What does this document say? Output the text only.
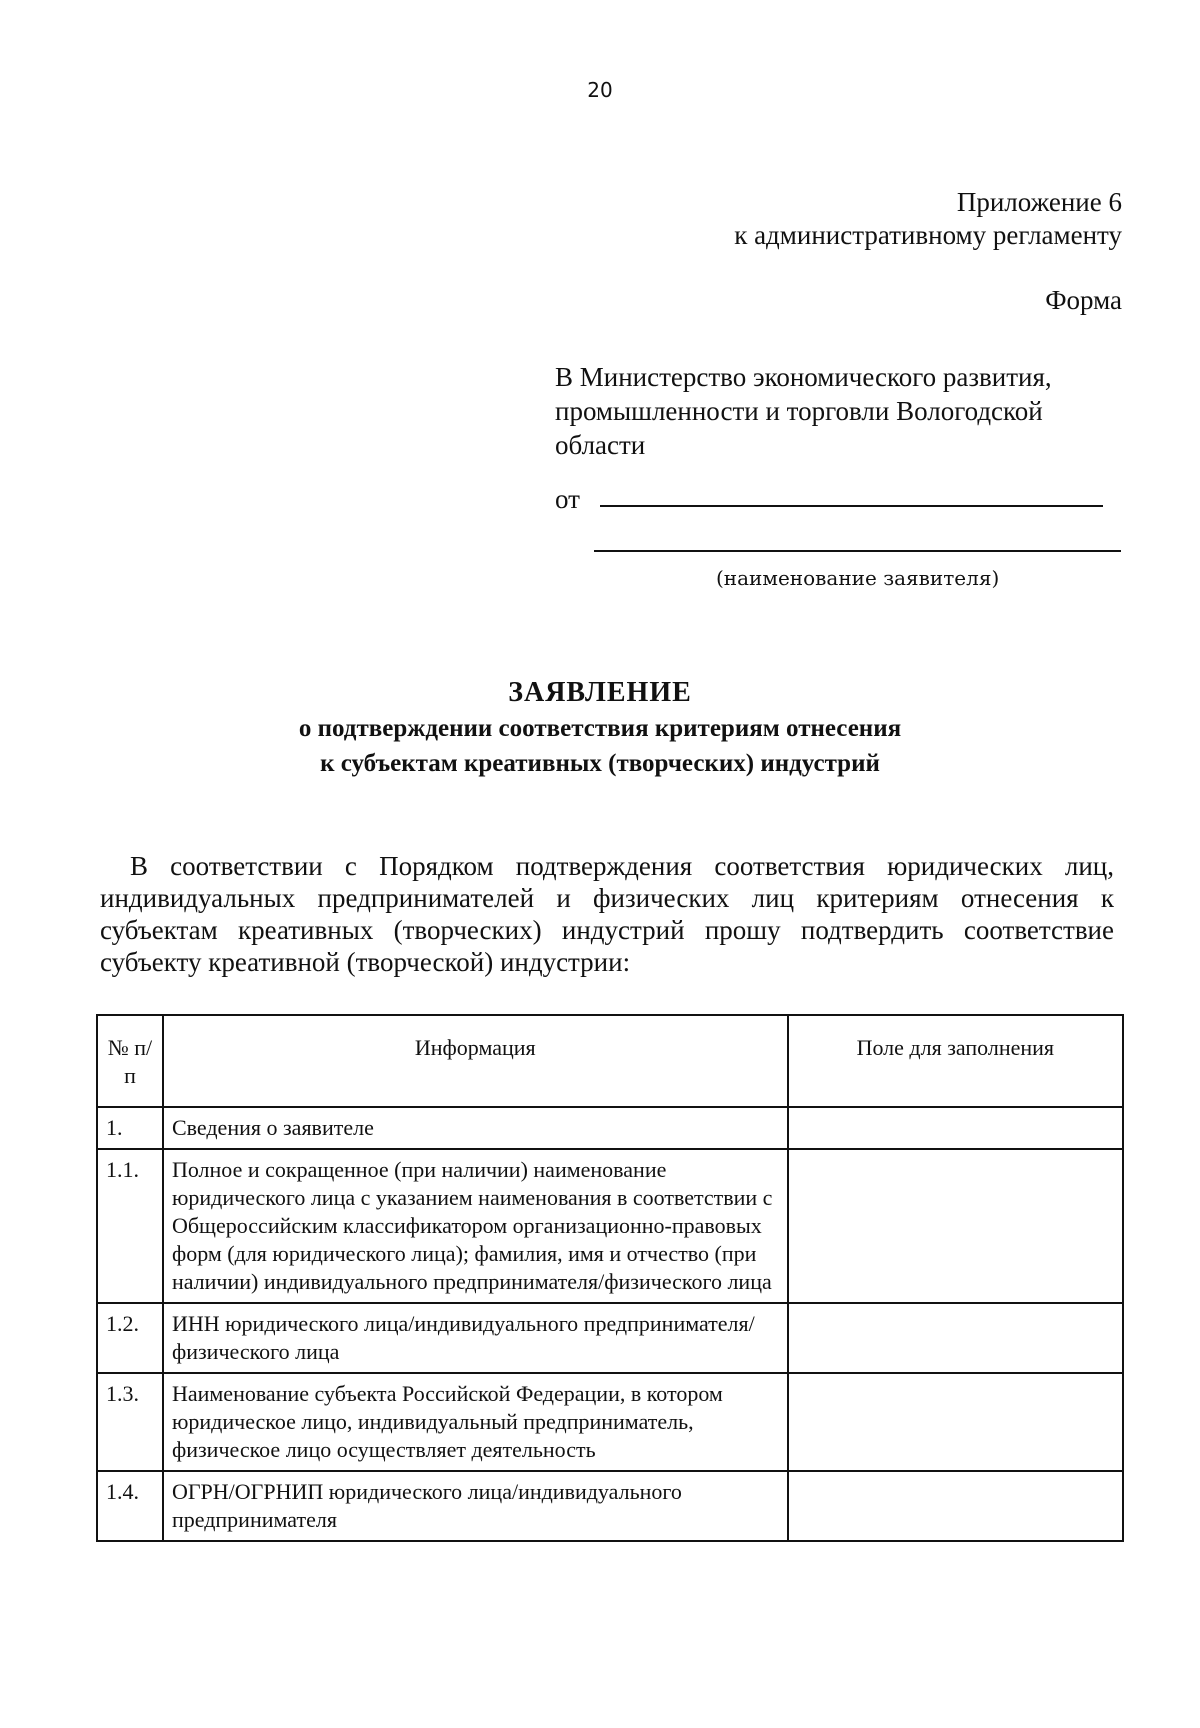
20
Приложение 6
к административному регламенту
Форма
В Министерство экономического развития, промышленности и торговли Вологодской области
от
(наименование заявителя)
ЗАЯВЛЕНИЕ
о подтверждении соответствия критериям отнесения
к субъектам креативных (творческих) индустрий
В соответствии с Порядком подтверждения соответствия юридических лиц, индивидуальных предпринимателей и физических лиц критериям отнесения к субъектам креативных (творческих) индустрий прошу подтвердить соответствие субъекту креативной (творческой) индустрии:
№ п/п	Информация	Поле для заполнения
1.	Сведения о заявителе	
1.1.	Полное и сокращенное (при наличии) наименование юридического лица с указанием наименования в соответствии с Общероссийским классификатором организационно-правовых форм (для юридического лица); фамилия, имя и отчество (при наличии) индивидуального предпринимателя/физического лица	
1.2.	ИНН юридического лица/индивидуального предпринимателя/физического лица	
1.3.	Наименование субъекта Российской Федерации, в котором юридическое лицо, индивидуальный предприниматель, физическое лицо осуществляет деятельность	
1.4.	ОГРН/ОГРНИП юридического лица/индивидуального предпринимателя	
